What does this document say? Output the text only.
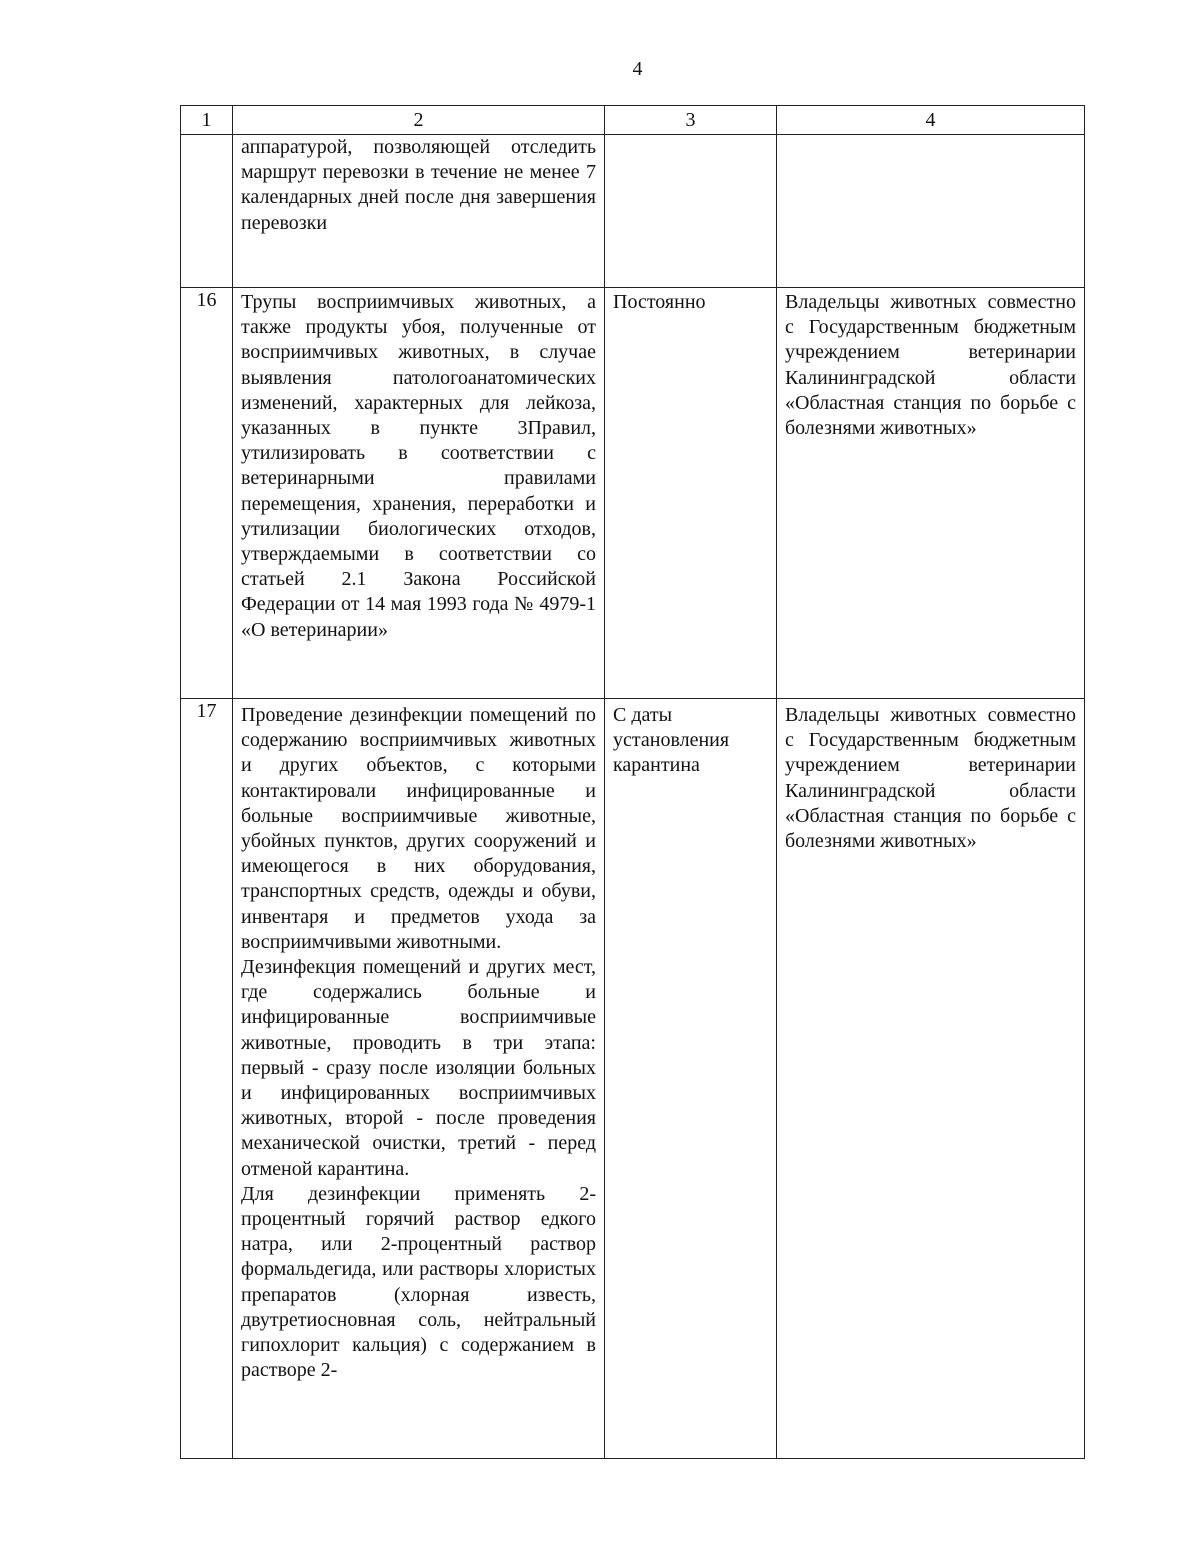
4
1	2	3	4

	аппаратурой, позволяющей отследить маршрут перевозки в течение не менее 7 календарных дней после дня завершения перевозки		

16	Трупы восприимчивых животных, а также продукты убоя, полученные от восприимчивых животных, в случае выявления патологоанатомических изменений, характерных для лейкоза, указанных в пункте 3Правил, утилизировать в соответствии с ветеринарными правилами перемещения, хранения, переработки и утилизации биологических отходов, утверждаемыми в соответствии со статьей 2.1 Закона Российской Федерации от 14 мая 1993 года № 4979-1 «О ветеринарии»	Постоянно	Владельцы животных совместно с Государственным бюджетным учреждением ветеринарии Калининградской области «Областная станция по борьбе с болезнями животных»
17	Проведение дезинфекции помещений по содержанию восприимчивых животных и других объектов, с которыми контактировали инфицированные и больные восприимчивые животные, убойных пунктов, других сооружений и имеющегося в них оборудования, транспортных средств, одежды и обуви, инвентаря и предметов ухода за восприимчивыми животными.

Дезинфекция помещений и других мест, где содержались больные и инфицированные восприимчивые животные, проводить в три этапа: первый - сразу после изоляции больных и инфицированных восприимчивых животных, второй - после проведения механической очистки, третий - перед отменой карантина.

Для дезинфекции применять 2-процентный горячий раствор едкого натра, или 2-процентный раствор формальдегида, или растворы хлористых препаратов (хлорная известь, двутретиосновная соль, нейтральный гипохлорит кальция) с содержанием в растворе 2-	С даты установления карантина	Владельцы животных совместно с Государственным бюджетным учреждением ветеринарии Калининградской области «Областная станция по борьбе с болезнями животных»
